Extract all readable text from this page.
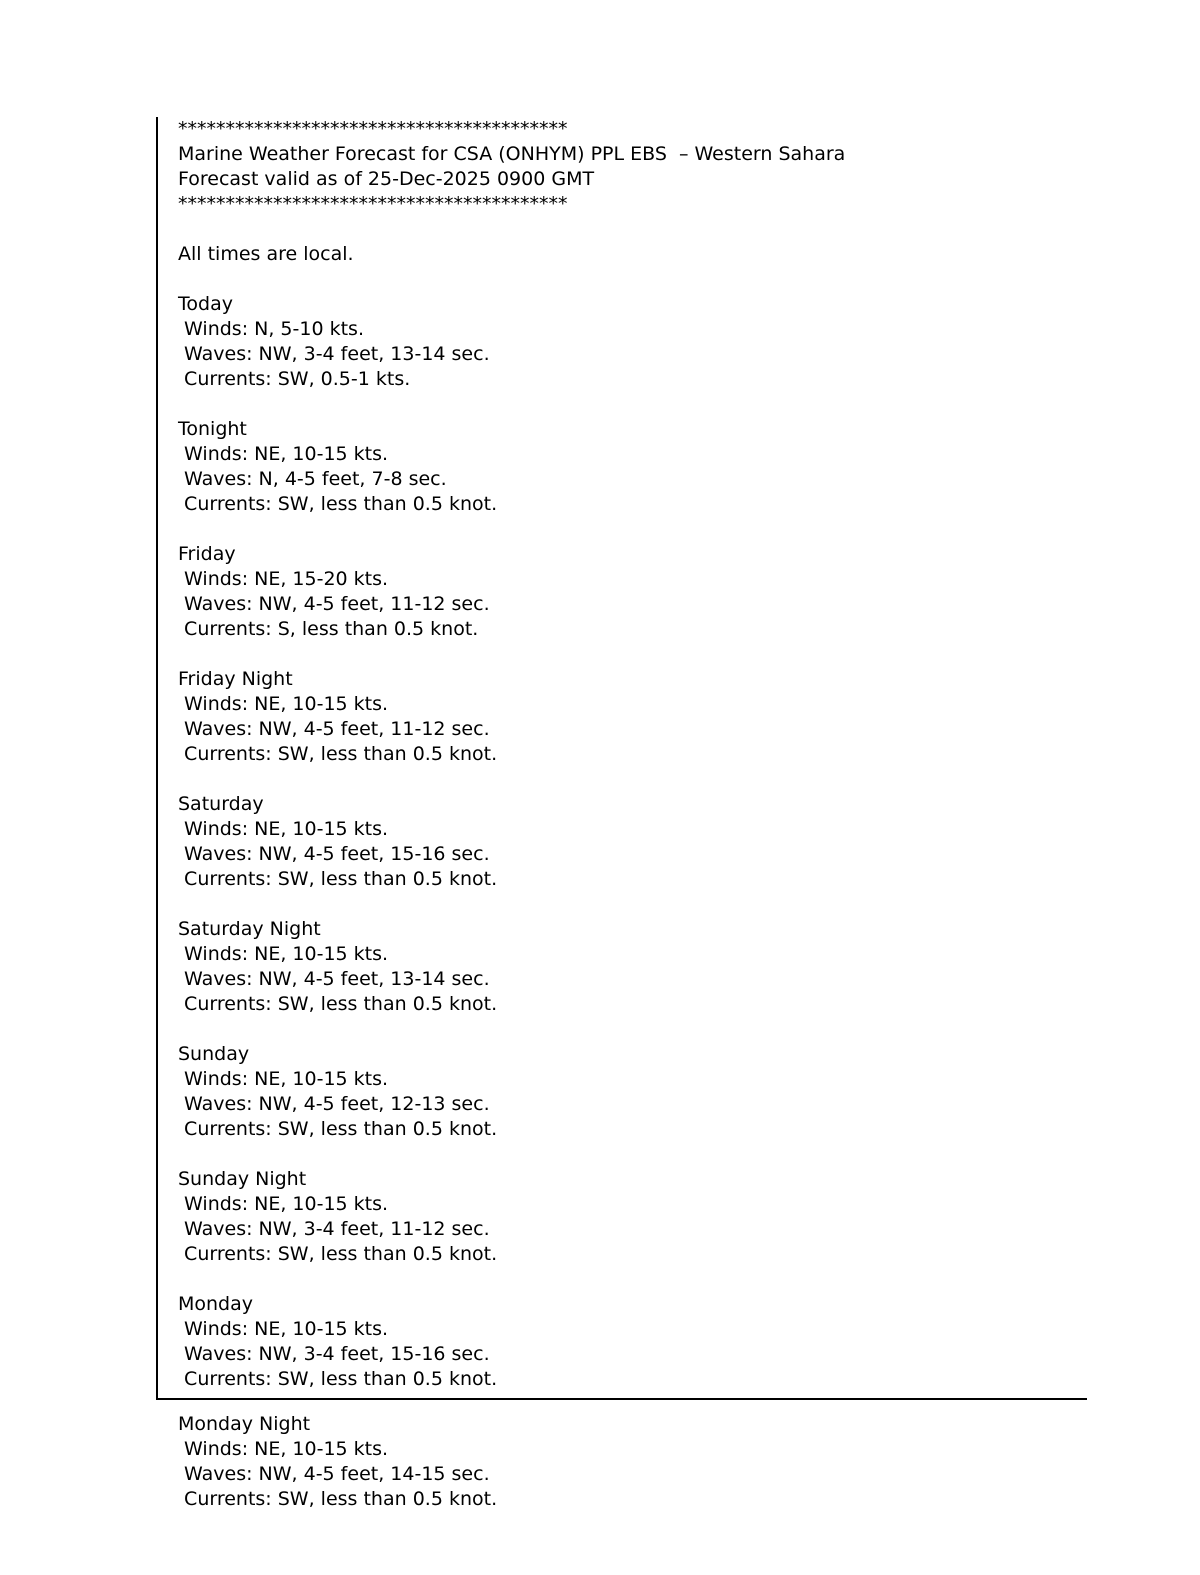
*****************************************
Marine Weather Forecast for CSA (ONHYM) PPL EBS  – Western Sahara
Forecast valid as of 25-Dec-2025 0900 GMT
*****************************************
All times are local.
Today
Winds: N, 5-10 kts.
Waves: NW, 3-4 feet, 13-14 sec.
Currents: SW, 0.5-1 kts.
Tonight
Winds: NE, 10-15 kts.
Waves: N, 4-5 feet, 7-8 sec.
Currents: SW, less than 0.5 knot.
Friday
Winds: NE, 15-20 kts.
Waves: NW, 4-5 feet, 11-12 sec.
Currents: S, less than 0.5 knot.
Friday Night
Winds: NE, 10-15 kts.
Waves: NW, 4-5 feet, 11-12 sec.
Currents: SW, less than 0.5 knot.
Saturday
Winds: NE, 10-15 kts.
Waves: NW, 4-5 feet, 15-16 sec.
Currents: SW, less than 0.5 knot.
Saturday Night
Winds: NE, 10-15 kts.
Waves: NW, 4-5 feet, 13-14 sec.
Currents: SW, less than 0.5 knot.
Sunday
Winds: NE, 10-15 kts.
Waves: NW, 4-5 feet, 12-13 sec.
Currents: SW, less than 0.5 knot.
Sunday Night
Winds: NE, 10-15 kts.
Waves: NW, 3-4 feet, 11-12 sec.
Currents: SW, less than 0.5 knot.
Monday
Winds: NE, 10-15 kts.
Waves: NW, 3-4 feet, 15-16 sec.
Currents: SW, less than 0.5 knot.
Monday Night
Winds: NE, 10-15 kts.
Waves: NW, 4-5 feet, 14-15 sec.
Currents: SW, less than 0.5 knot.
